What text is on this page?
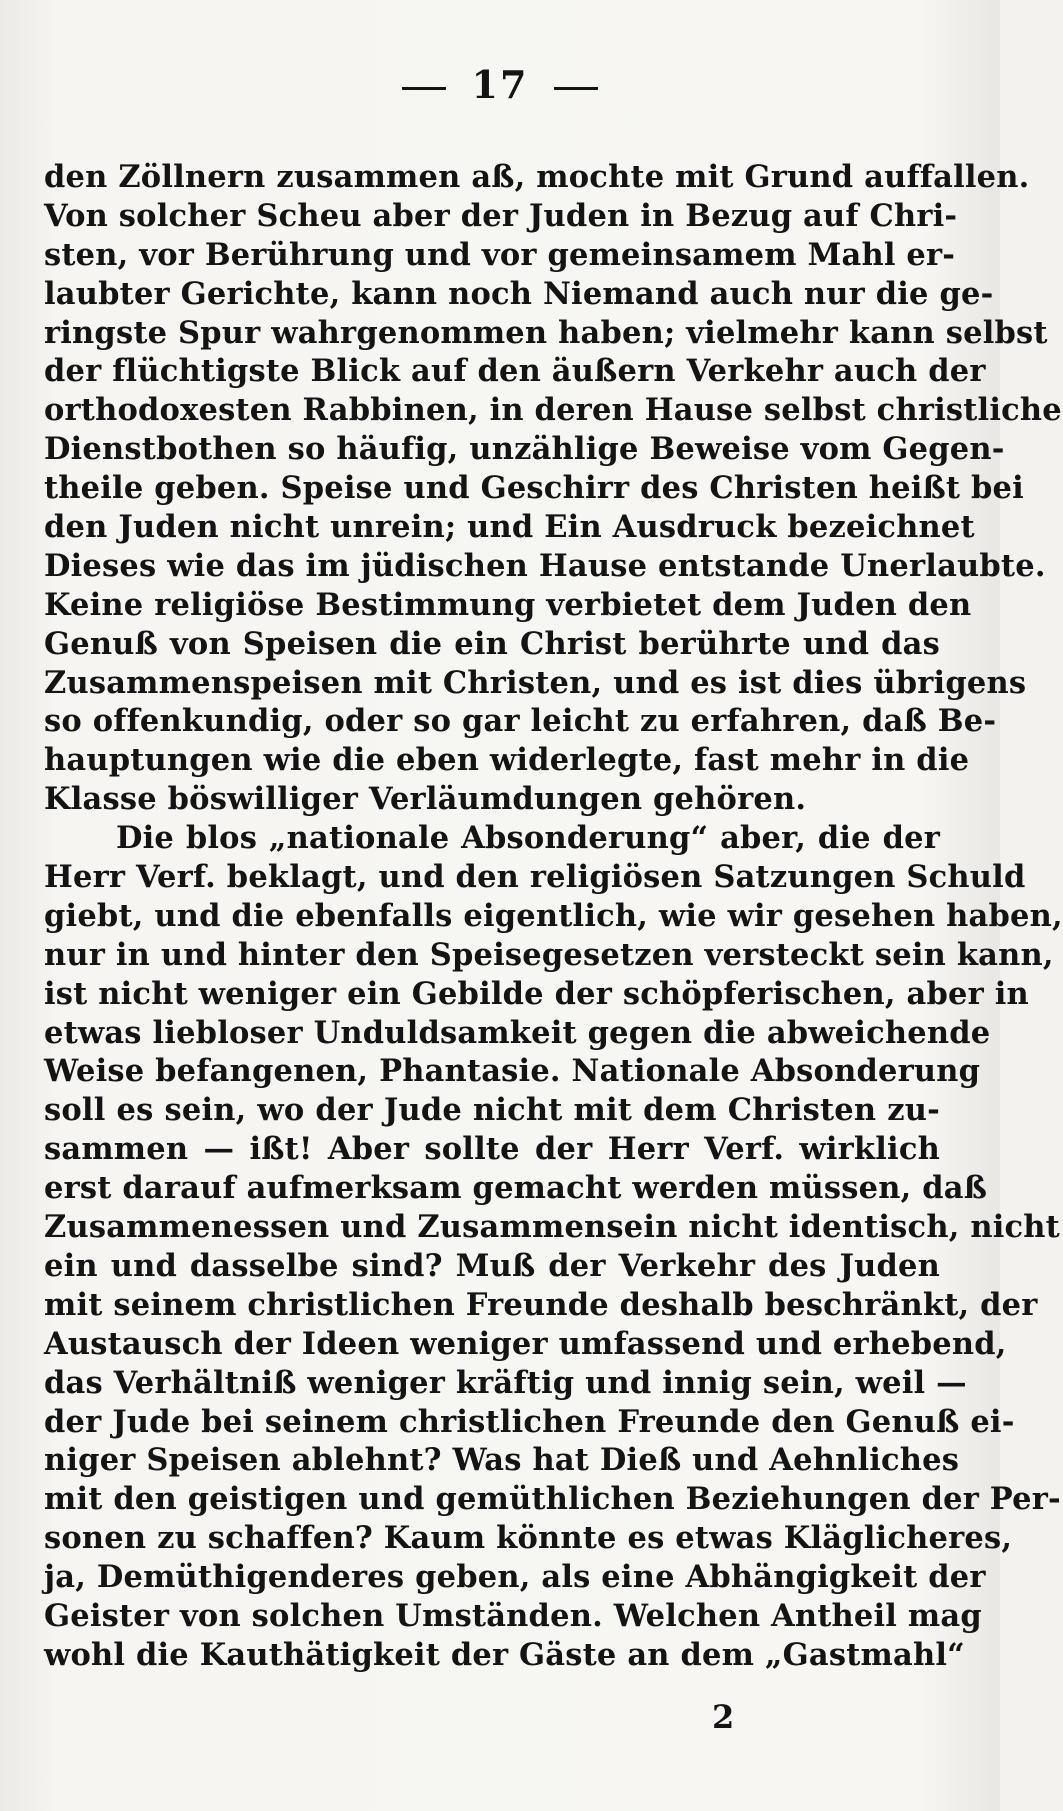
17
den Zöllnern zusammen aß, mochte mit Grund auffallen.
Von solcher Scheu aber der Juden in Bezug auf Chri-
sten, vor Berührung und vor gemeinsamem Mahl er-
laubter Gerichte, kann noch Niemand auch nur die ge-
ringste Spur wahrgenommen haben; vielmehr kann selbst
der flüchtigste Blick auf den äußern Verkehr auch der
orthodoxesten Rabbinen, in deren Hause selbst christliche
Dienstbothen so häufig, unzählige Beweise vom Gegen-
theile geben. Speise und Geschirr des Christen heißt bei
den Juden nicht unrein; und Ein Ausdruck bezeichnet
Dieses wie das im jüdischen Hause entstande Unerlaubte.
Keine religiöse Bestimmung verbietet dem Juden den
Genuß von Speisen die ein Christ berührte und das
Zusammenspeisen mit Christen, und es ist dies übrigens
so offenkundig, oder so gar leicht zu erfahren, daß Be-
hauptungen wie die eben widerlegte, fast mehr in die
Klasse böswilliger Verläumdungen gehören.
Die blos „nationale Absonderung“ aber, die der
Herr Verf. beklagt, und den religiösen Satzungen Schuld
giebt, und die ebenfalls eigentlich, wie wir gesehen haben,
nur in und hinter den Speisegesetzen versteckt sein kann,
ist nicht weniger ein Gebilde der schöpferischen, aber in
etwas liebloser Unduldsamkeit gegen die abweichende
Weise befangenen, Phantasie. Nationale Absonderung
soll es sein, wo der Jude nicht mit dem Christen zu-
sammen — ißt! Aber sollte der Herr Verf. wirklich
erst darauf aufmerksam gemacht werden müssen, daß
Zusammenessen und Zusammensein nicht identisch, nicht
ein und dasselbe sind? Muß der Verkehr des Juden
mit seinem christlichen Freunde deshalb beschränkt, der
Austausch der Ideen weniger umfassend und erhebend,
das Verhältniß weniger kräftig und innig sein, weil —
der Jude bei seinem christlichen Freunde den Genuß ei-
niger Speisen ablehnt? Was hat Dieß und Aehnliches
mit den geistigen und gemüthlichen Beziehungen der Per-
sonen zu schaffen? Kaum könnte es etwas Kläglicheres,
ja, Demüthigenderes geben, als eine Abhängigkeit der
Geister von solchen Umständen. Welchen Antheil mag
wohl die Kauthätigkeit der Gäste an dem „Gastmahl“
2
